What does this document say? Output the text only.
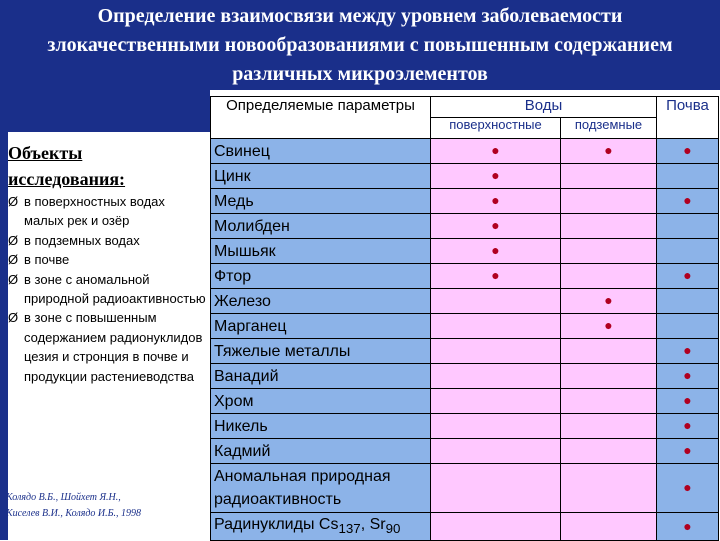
Определение взаимосвязи между уровнем заболеваемости злокачественными новообразованиями с повышенным содержанием различных микроэлементов
Объекты исследования:
Ø в поверхностных водах малых рек и озёр
Ø в подземных водах
Ø в почве
Ø в зоне с аномальной природной радиоактивностью
Ø в зоне с повышенным содержанием радионуклидов цезия и стронция в почве и продукции растениеводства
Колядо В.Б., Шойхет Я.Н.,
Киселев В.И., Колядо И.Б., 1998
Определяемые параметры	Воды		Почва
	поверхностные	подземные	
Свинец	●	●	●
Цинк	●		
Медь	●		●
Молибден	●		
Мышьяк	●		
Фтор	●		●
Железо		●	
Марганец		●	
Тяжелые металлы			●
Ванадий			●
Хром			●
Никель			●
Кадмий			●
Аномальная природная радиоактивность			●
Радинуклиды $Cs_{137}$, $Sr_{90}$			●
